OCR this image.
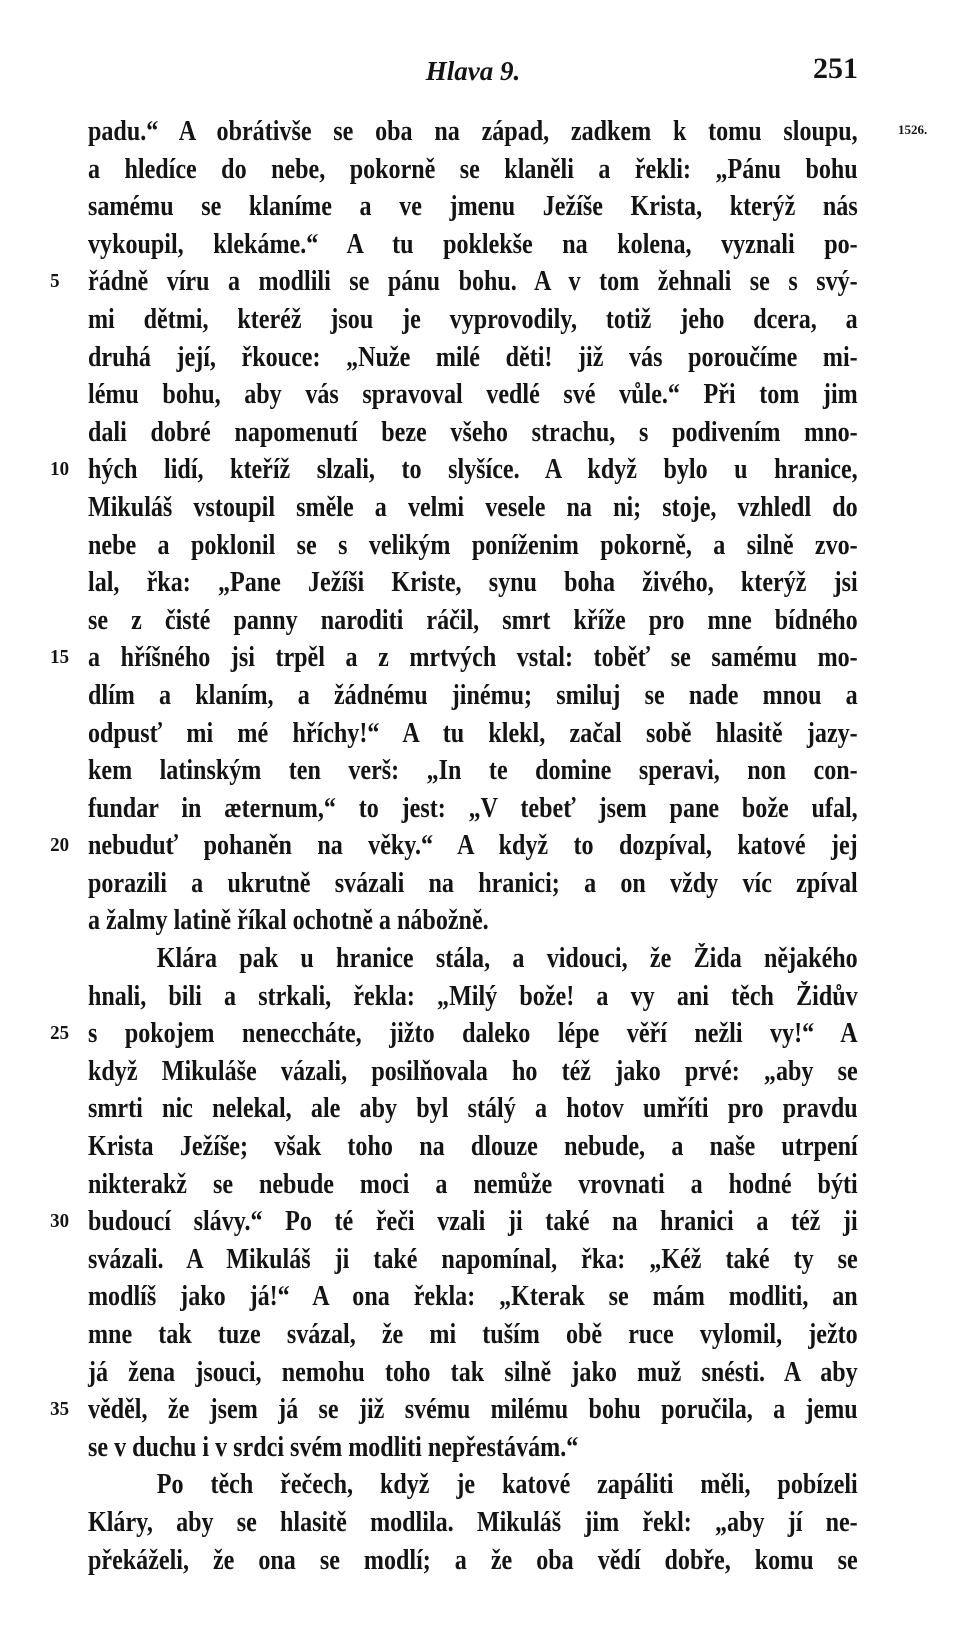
Hlava 9.	251
1526.
padu.“ A obrátivše se oba na západ, zadkem k tomu sloupu,
a hledíce do nebe, pokorně se klaněli a řekli: „Pánu bohu
samému se klaníme a ve jmenu Ježíše Krista, kterýž nás
vykoupil, klekáme.“ A tu poklekše na kolena, vyznali po-
5 řádně víru a modlili se pánu bohu. A v tom žehnali se s svý-
mi dětmi, kteréž jsou je vyprovodily, totiž jeho dcera, a
druhá její, řkouce: „Nuže milé děti! již vás poroučíme mi-
lému bohu, aby vás spravoval vedlé své vůle.“ Při tom jim
dali dobré napomenutí beze všeho strachu, s podivením mno-
10 hých lidí, kteříž slzali, to slyšíce. A když bylo u hranice,
Mikuláš vstoupil směle a velmi vesele na ni; stoje, vzhledl do
nebe a poklonil se s velikým poníženim pokorně, a silně zvo-
lal, řka: „Pane Ježíši Kriste, synu boha živého, kterýž jsi
se z čisté panny naroditi ráčil, smrt kříže pro mne bídného
15 a hříšného jsi trpěl a z mrtvých vstal: toběť se samému mo-
dlím a klaním, a žádnému jinému; smiluj se nade mnou a
odpusť mi mé hříchy!“ A tu klekl, začal sobě hlasitě jazy-
kem latinským ten verš: „In te domine speravi, non con-
fundar in æternum,“ to jest: „V tebeť jsem pane bože ufal,
20 nebuduť pohaněn na věky.“ A když to dozpíval, katové jej
porazili a ukrutně svázali na hranici; a on vždy víc zpíval
a žalmy latině říkal ochotně a nábožně.
Klára pak u hranice stála, a vidouci, že Žida nějakého
hnali, bili a strkali, řekla: „Milý bože! a vy ani těch Židův
25 s pokojem neneccháte, jižto daleko lépe věří nežli vy!“ A
když Mikuláše vázali, posilňovala ho též jako prvé: „aby se
smrti nic nelekal, ale aby byl stálý a hotov umříti pro pravdu
Krista Ježíše; však toho na dlouze nebude, a naše utrpení
nikterakž se nebude moci a nemůže vrovnati a hodné býti
30 budoucí slávy.“ Po té řeči vzali ji také na hranici a též ji
svázali. A Mikuláš ji také napomínal, řka: „Kéž také ty se
modlíš jako já!“ A ona řekla: „Kterak se mám modliti, an
mne tak tuze svázal, že mi tuším obě ruce vylomil, ježto
já žena jsouci, nemohu toho tak silně jako muž snésti. A aby
35 věděl, že jsem já se již svému milému bohu poručila, a jemu
se v duchu i v srdci svém modliti nepřestávám.“
Po těch řečech, když je katové zapáliti měli, pobízeli
Kláry, aby se hlasitě modlila. Mikuláš jim řekl: „aby jí ne-
překáželi, že ona se modlí; a že oba vědí dobře, komu se
